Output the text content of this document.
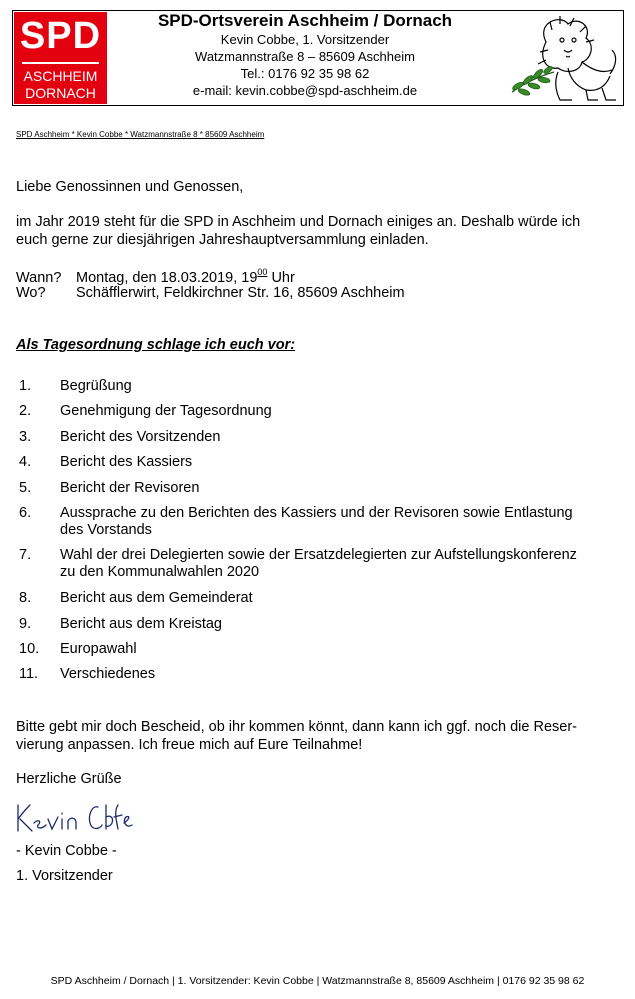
SPD
ASCHHEIM
DORNACH
SPD-Ortsverein Aschheim / Dornach
Kevin Cobbe, 1. Vorsitzender
Watzmannstraße 8 – 85609 Aschheim
Tel.: 0176 92 35 98 62
e-mail: kevin.cobbe@spd-aschheim.de
SPD Aschheim * Kevin Cobbe * Watzmannstraße 8 * 85609 Aschheim
Liebe Genossinnen und Genossen,
im Jahr 2019 steht für die SPD in Aschheim und Dornach einiges an. Deshalb würde ich
euch gerne zur diesjährigen Jahreshauptversammlung einladen.
Wann? Montag, den 18.03.2019, $19^{00}$ Uhr
Wo? Schäfflerwirt, Feldkirchner Str. 16, 85609 Aschheim
Als Tagesordnung schlage ich euch vor:
1.	Begrüßung
2.	Genehmigung der Tagesordnung
3.	Bericht des Vorsitzenden
4.	Bericht des Kassiers
5.	Bericht der Revisoren
6.	Aussprache zu den Berichten des Kassiers und der Revisoren sowie Entlastung
des Vorstands
7.	Wahl der drei Delegierten sowie der Ersatzdelegierten zur Aufstellungskonferenz
zu den Kommunalwahlen 2020
8.	Bericht aus dem Gemeinderat
9.	Bericht aus dem Kreistag
10.	Europawahl
11.	Verschiedenes
Bitte gebt mir doch Bescheid, ob ihr kommen könnt, dann kann ich ggf. noch die Reser-
vierung anpassen. Ich freue mich auf Eure Teilnahme!
Herzliche Grüße
- Kevin Cobbe -
1. Vorsitzender
SPD Aschheim / Dornach | 1. Vorsitzender: Kevin Cobbe | Watzmannstraße 8, 85609 Aschheim | 0176 92 35 98 62
